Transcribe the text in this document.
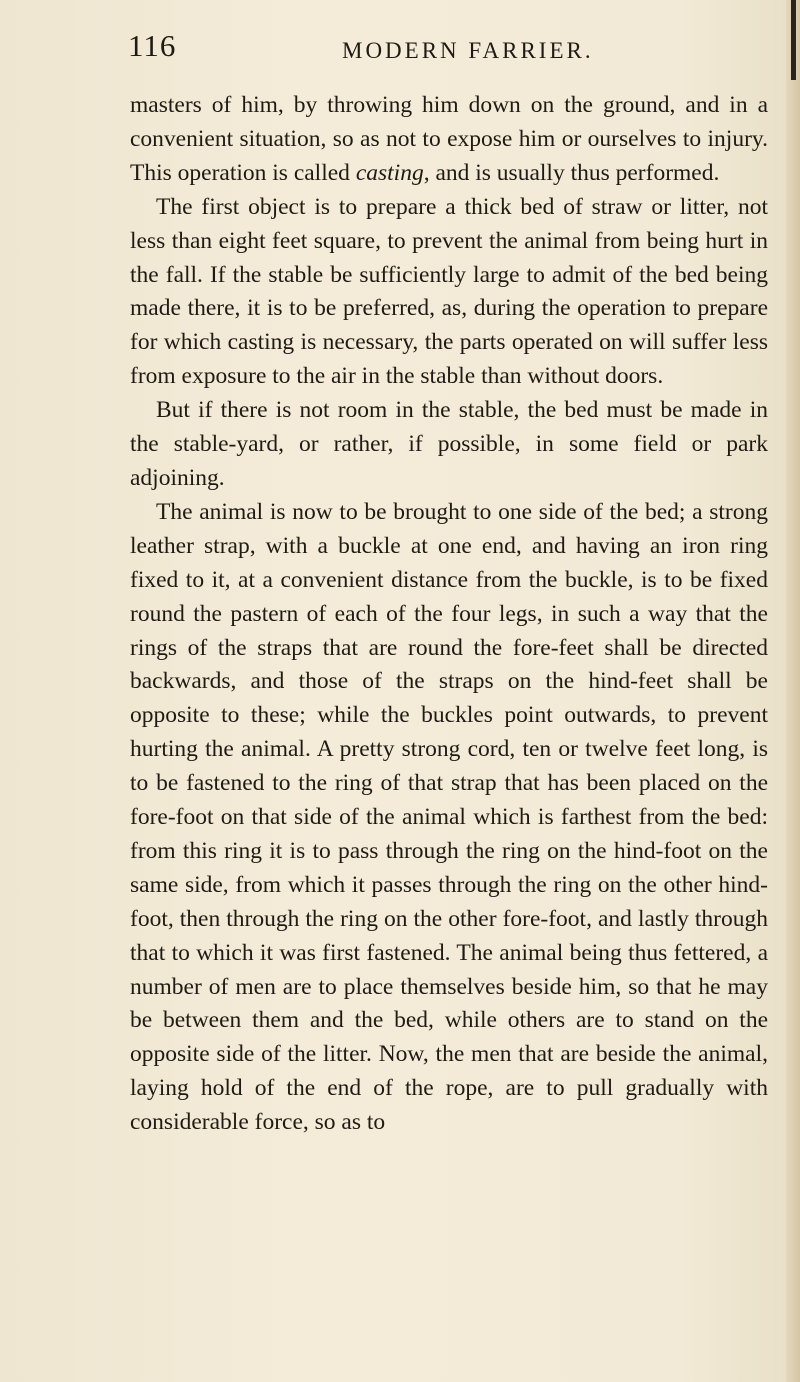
116	MODERN FARRIER.

masters of him, by throwing him down on the ground, and in a convenient situation, so as not to expose him or ourselves to injury. This operation is called casting, and is usually thus performed.

The first object is to prepare a thick bed of straw or litter, not less than eight feet square, to prevent the animal from being hurt in the fall. If the stable be sufficiently large to admit of the bed being made there, it is to be preferred, as, during the operation to prepare for which casting is necessary, the parts operated on will suffer less from exposure to the air in the stable than without doors.

But if there is not room in the stable, the bed must be made in the stable-yard, or rather, if possible, in some field or park adjoining.

The animal is now to be brought to one side of the bed; a strong leather strap, with a buckle at one end, and having an iron ring fixed to it, at a convenient distance from the buckle, is to be fixed round the pastern of each of the four legs, in such a way that the rings of the straps that are round the fore-feet shall be directed backwards, and those of the straps on the hind-feet shall be opposite to these; while the buckles point outwards, to prevent hurting the animal. A pretty strong cord, ten or twelve feet long, is to be fastened to the ring of that strap that has been placed on the fore-foot on that side of the animal which is farthest from the bed: from this ring it is to pass through the ring on the hind-foot on the same side, from which it passes through the ring on the other hind-foot, then through the ring on the other fore-foot, and lastly through that to which it was first fastened. The animal being thus fettered, a number of men are to place themselves beside him, so that he may be between them and the bed, while others are to stand on the opposite side of the litter. Now, the men that are beside the animal, laying hold of the end of the rope, are to pull gradually with considerable force, so as to
